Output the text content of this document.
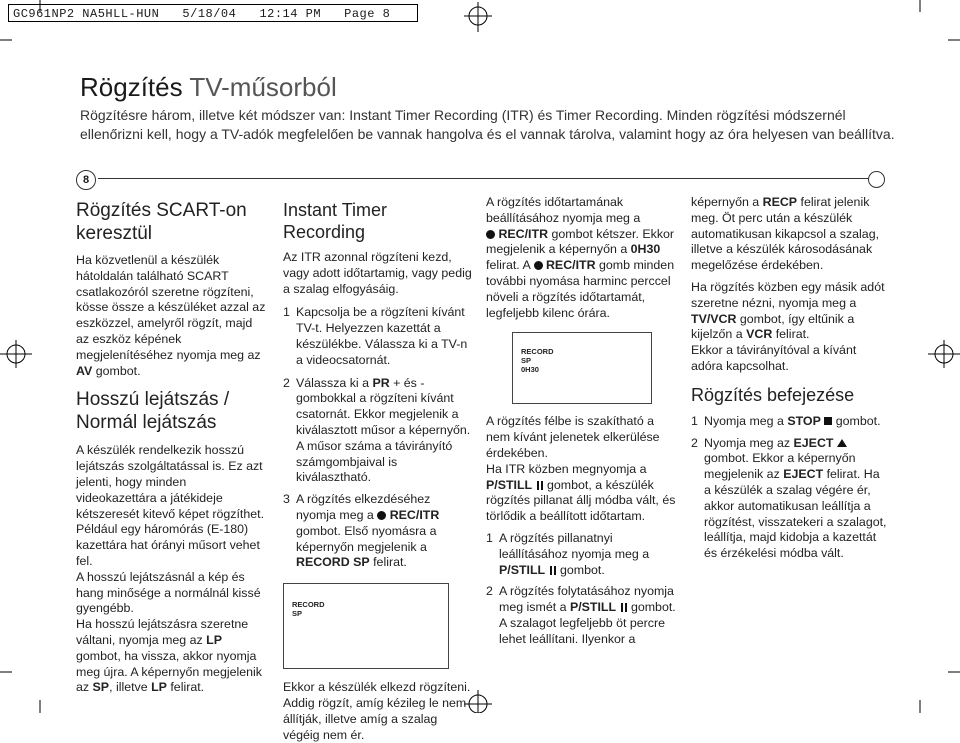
GC961NP2 NA5HLL-HUN   5/18/04   12:14 PM   Page 8
Rögzítés TV-műsorból
Rögzítésre három, illetve két módszer van: Instant Timer Recording (ITR) és Timer Recording. Minden rögzítési módszernél ellenőrizni kell, hogy a TV-adók megfelelően be vannak hangolva és el vannak tárolva, valamint hogy az óra helyesen van beállítva.
8

Rögzítés SCART-on keresztül

Ha közvetlenül a készülék hátoldalán található SCART csatlakozóról szeretne rögzíteni, kösse össze a készüléket azzal az eszközzel, amelyről rögzít, majd az eszköz képének megjelenítéséhez nyomja meg az AV gombot.

Hosszú lejátszás / Normál lejátszás

A készülék rendelkezik hosszú lejátszás szolgáltatással is. Ez azt jelenti, hogy minden videokazettára a játékideje kétszeresét kitevő képet rögzíthet.

Például egy háromórás (E-180) kazettára hat órányi műsort vehet fel.

A hosszú lejátszásnál a kép és hang minősége a normálnál kissé gyengébb.

Ha hosszú lejátszásra szeretne váltani, nyomja meg az LP gombot, ha vissza, akkor nyomja meg újra. A képernyőn megjelenik az SP, illetve LP felirat.

Instant Timer Recording

Az ITR azonnal rögzíteni kezd, vagy adott időtartamig, vagy pedig a szalag elfogyásáig.

1 Kapcsolja be a rögzíteni kívánt TV-t. Helyezzen kazettát a készülékbe. Válassza ki a TV-n a videocsatornát.
2 Válassza ki a PR + és - gombokkal a rögzíteni kívánt csatornát. Ekkor megjelenik a kiválasztott műsor a képernyőn. A műsor száma a távirányító számgombjaival is kiválasztható.
3 A rögzítés elkezdéséhez nyomja meg a  REC/ITR gombot. Első nyomásra a képernyőn megjelenik a RECORD SP felirat.
RECORD
SP

Ekkor a készülék elkezd rögzíteni. Addig rögzít, amíg kézileg le nem állítják, illetve amíg a szalag végéig nem ér.

A rögzítés időtartamának beállításához nyomja meg a
REC/ITR gombot kétszer. Ekkor megjelenik a képernyőn a 0H30 felirat. A  REC/ITR gomb minden további nyomása harminc perccel növeli a rögzítés időtartamát, legfeljebb kilenc órára.

RECORD
SP
0H30

A rögzítés félbe is szakítható a nem kívánt jelenetek elkerülése érdekében.

Ha ITR közben megnyomja a P/STILL  gombot, a készülék rögzítés pillanat állj módba vált, és törlődik a beállított időtartam.

1 A rögzítés pillanatnyi leállításához nyomja meg a P/STILL  gombot.
2 A rögzítés folytatásához nyomja meg ismét a P/STILL  gombot. A szalagot legfeljebb öt percre lehet leállítani. Ilyenkor a

képernyőn a RECP felirat jelenik meg. Öt perc után a készülék automatikusan kikapcsol a szalag, illetve a készülék károsodásának megelőzése érdekében.

Ha rögzítés közben egy másik adót szeretne nézni, nyomja meg a TV/VCR gombot, így eltűnik a kijelzőn a VCR felirat.

Ekkor a távirányítóval a kívánt adóra kapcsolhat.

Rögzítés befejezése

1 Nyomja meg a STOP  gombot.
2 Nyomja meg az EJECT  gombot. Ekkor a képernyőn megjelenik az EJECT felirat. Ha a készülék a szalag végére ér, akkor automatikusan leállítja a rögzítést, visszatekeri a szalagot, leállítja, majd kidobja a kazettát és érzékelési módba vált.
